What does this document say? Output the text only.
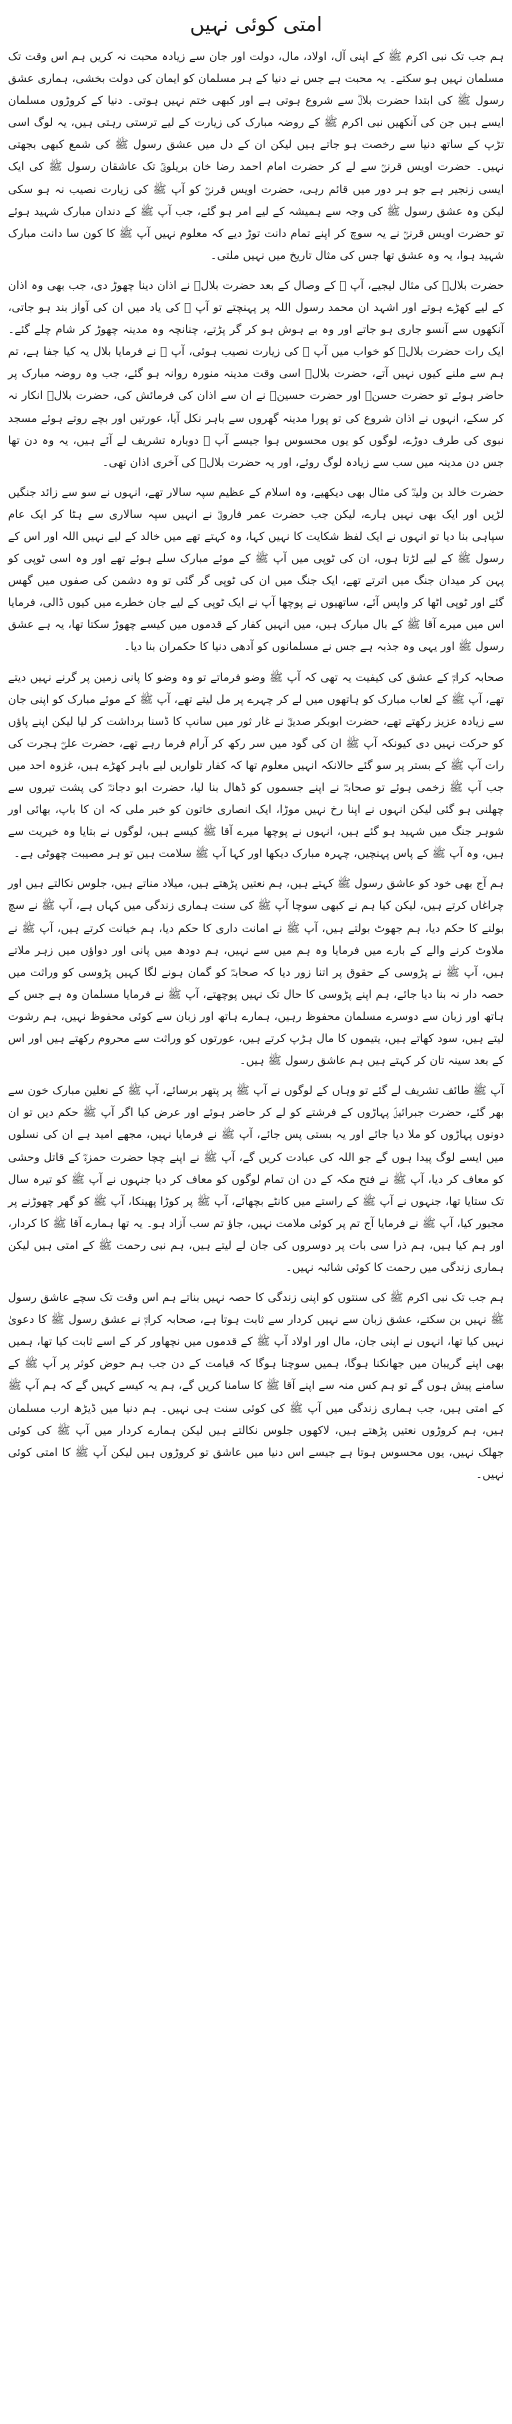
امتی کوئی نہیں

ہم جب تک نبی اکرم ﷺ کے اپنی آل، اولاد، مال، دولت اور جان سے زیادہ محبت نہ کریں ہم اس وقت تک مسلمان نہیں ہو سکتے۔ یہ محبت ہے جس نے دنیا کے ہر مسلمان کو ایمان کی دولت بخشی، ہماری عشق رسول ﷺ کی ابتدا حضرت بلالؓ سے شروع ہوتی ہے اور کبھی ختم نہیں ہوتی۔ دنیا کے کروڑوں مسلمان ایسے ہیں جن کی آنکھیں نبی اکرم ﷺ کے روضہ مبارک کی زیارت کے لیے ترستی رہتی ہیں، یہ لوگ اسی تڑپ کے ساتھ دنیا سے رخصت ہو جاتے ہیں لیکن ان کے دل میں عشق رسول ﷺ کی شمع کبھی بجھتی نہیں۔ حضرت اویس قرنیؒ سے لے کر حضرت امام احمد رضا خان بریلویؒ تک عاشقان رسول ﷺ کی ایک ایسی زنجیر ہے جو ہر دور میں قائم رہی، حضرت اویس قرنیؒ کو آپ ﷺ کی زیارت نصیب نہ ہو سکی لیکن وہ عشق رسول ﷺ کی وجہ سے ہمیشہ کے لیے امر ہو گئے، جب آپ ﷺ کے دندان مبارک شہید ہوئے تو حضرت اویس قرنیؒ نے یہ سوچ کر اپنے تمام دانت توڑ دیے کہ معلوم نہیں آپ ﷺ کا کون سا دانت مبارک شہید ہوا، یہ وہ عشق تھا جس کی مثال تاریخ میں نہیں ملتی۔

حضرت بلالؓ کی مثال لیجیے، آپ ﷺ کے وصال کے بعد حضرت بلالؓ نے اذان دینا چھوڑ دی، جب بھی وہ اذان کے لیے کھڑے ہوتے اور اشہد ان محمد رسول اللہ پر پہنچتے تو آپ ﷺ کی یاد میں ان کی آواز بند ہو جاتی، آنکھوں سے آنسو جاری ہو جاتے اور وہ بے ہوش ہو کر گر پڑتے، چنانچہ وہ مدینہ چھوڑ کر شام چلے گئے۔ ایک رات حضرت بلالؓ کو خواب میں آپ ﷺ کی زیارت نصیب ہوئی، آپ ﷺ نے فرمایا بلال یہ کیا جفا ہے، تم ہم سے ملنے کیوں نہیں آتے، حضرت بلالؓ اسی وقت مدینہ منورہ روانہ ہو گئے، جب وہ روضہ مبارک پر حاضر ہوئے تو حضرت حسنؓ اور حضرت حسینؓ نے ان سے اذان کی فرمائش کی، حضرت بلالؓ انکار نہ کر سکے، انہوں نے اذان شروع کی تو پورا مدینہ گھروں سے باہر نکل آیا، عورتیں اور بچے روتے ہوئے مسجد نبوی کی طرف دوڑے، لوگوں کو یوں محسوس ہوا جیسے آپ ﷺ دوبارہ تشریف لے آئے ہیں، یہ وہ دن تھا جس دن مدینہ میں سب سے زیادہ لوگ روئے، اور یہ حضرت بلالؓ کی آخری اذان تھی۔

حضرت خالد بن ولیدؓ کی مثال بھی دیکھیے، وہ اسلام کے عظیم سپہ سالار تھے، انہوں نے سو سے زائد جنگیں لڑیں اور ایک بھی نہیں ہارے، لیکن جب حضرت عمر فاروقؓ نے انہیں سپہ سالاری سے ہٹا کر ایک عام سپاہی بنا دیا تو انہوں نے ایک لفظ شکایت کا نہیں کہا، وہ کہتے تھے میں خالد کے لیے نہیں اللہ اور اس کے رسول ﷺ کے لیے لڑتا ہوں، ان کی ٹوپی میں آپ ﷺ کے موئے مبارک سلے ہوئے تھے اور وہ اسی ٹوپی کو پہن کر میدان جنگ میں اترتے تھے، ایک جنگ میں ان کی ٹوپی گر گئی تو وہ دشمن کی صفوں میں گھس گئے اور ٹوپی اٹھا کر واپس آئے، ساتھیوں نے پوچھا آپ نے ایک ٹوپی کے لیے جان خطرے میں کیوں ڈالی، فرمایا اس میں میرے آقا ﷺ کے بال مبارک ہیں، میں انہیں کفار کے قدموں میں کیسے چھوڑ سکتا تھا، یہ ہے عشق رسول ﷺ اور یہی وہ جذبہ ہے جس نے مسلمانوں کو آدھی دنیا کا حکمران بنا دیا۔

صحابہ کرامؓ کے عشق کی کیفیت یہ تھی کہ آپ ﷺ وضو فرماتے تو وہ وضو کا پانی زمین پر گرنے نہیں دیتے تھے، آپ ﷺ کے لعاب مبارک کو ہاتھوں میں لے کر چہرے پر مل لیتے تھے، آپ ﷺ کے موئے مبارک کو اپنی جان سے زیادہ عزیز رکھتے تھے، حضرت ابوبکر صدیقؓ نے غار ثور میں سانپ کا ڈسنا برداشت کر لیا لیکن اپنے پاؤں کو حرکت نہیں دی کیونکہ آپ ﷺ ان کی گود میں سر رکھ کر آرام فرما رہے تھے، حضرت علیؓ ہجرت کی رات آپ ﷺ کے بستر پر سو گئے حالانکہ انہیں معلوم تھا کہ کفار تلواریں لیے باہر کھڑے ہیں، غزوہ احد میں جب آپ ﷺ زخمی ہوئے تو صحابہؓ نے اپنے جسموں کو ڈھال بنا لیا، حضرت ابو دجانہؓ کی پشت تیروں سے چھلنی ہو گئی لیکن انہوں نے اپنا رخ نہیں موڑا، ایک انصاری خاتون کو خبر ملی کہ ان کا باپ، بھائی اور شوہر جنگ میں شہید ہو گئے ہیں، انہوں نے پوچھا میرے آقا ﷺ کیسے ہیں، لوگوں نے بتایا وہ خیریت سے ہیں، وہ آپ ﷺ کے پاس پہنچیں، چہرہ مبارک دیکھا اور کہا آپ ﷺ سلامت ہیں تو ہر مصیبت چھوٹی ہے۔

ہم آج بھی خود کو عاشق رسول ﷺ کہتے ہیں، ہم نعتیں پڑھتے ہیں، میلاد مناتے ہیں، جلوس نکالتے ہیں اور چراغاں کرتے ہیں، لیکن کیا ہم نے کبھی سوچا آپ ﷺ کی سنت ہماری زندگی میں کہاں ہے، آپ ﷺ نے سچ بولنے کا حکم دیا، ہم جھوٹ بولتے ہیں، آپ ﷺ نے امانت داری کا حکم دیا، ہم خیانت کرتے ہیں، آپ ﷺ نے ملاوٹ کرنے والے کے بارے میں فرمایا وہ ہم میں سے نہیں، ہم دودھ میں پانی اور دواؤں میں زہر ملاتے ہیں، آپ ﷺ نے پڑوسی کے حقوق پر اتنا زور دیا کہ صحابہؓ کو گمان ہونے لگا کہیں پڑوسی کو وراثت میں حصہ دار نہ بنا دیا جائے، ہم اپنے پڑوسی کا حال تک نہیں پوچھتے، آپ ﷺ نے فرمایا مسلمان وہ ہے جس کے ہاتھ اور زبان سے دوسرے مسلمان محفوظ رہیں، ہمارے ہاتھ اور زبان سے کوئی محفوظ نہیں، ہم رشوت لیتے ہیں، سود کھاتے ہیں، یتیموں کا مال ہڑپ کرتے ہیں، عورتوں کو وراثت سے محروم رکھتے ہیں اور اس کے بعد سینہ تان کر کہتے ہیں ہم عاشق رسول ﷺ ہیں۔

آپ ﷺ طائف تشریف لے گئے تو وہاں کے لوگوں نے آپ ﷺ پر پتھر برسائے، آپ ﷺ کے نعلین مبارک خون سے بھر گئے، حضرت جبرائیلؑ پہاڑوں کے فرشتے کو لے کر حاضر ہوئے اور عرض کیا اگر آپ ﷺ حکم دیں تو ان دونوں پہاڑوں کو ملا دیا جائے اور یہ بستی پس جائے، آپ ﷺ نے فرمایا نہیں، مجھے امید ہے ان کی نسلوں میں ایسے لوگ پیدا ہوں گے جو اللہ کی عبادت کریں گے، آپ ﷺ نے اپنے چچا حضرت حمزہؓ کے قاتل وحشی کو معاف کر دیا، آپ ﷺ نے فتح مکہ کے دن ان تمام لوگوں کو معاف کر دیا جنہوں نے آپ ﷺ کو تیرہ سال تک ستایا تھا، جنہوں نے آپ ﷺ کے راستے میں کانٹے بچھائے، آپ ﷺ پر کوڑا پھینکا، آپ ﷺ کو گھر چھوڑنے پر مجبور کیا، آپ ﷺ نے فرمایا آج تم پر کوئی ملامت نہیں، جاؤ تم سب آزاد ہو۔ یہ تھا ہمارے آقا ﷺ کا کردار، اور ہم کیا ہیں، ہم ذرا سی بات پر دوسروں کی جان لے لیتے ہیں، ہم نبی رحمت ﷺ کے امتی ہیں لیکن ہماری زندگی میں رحمت کا کوئی شائبہ نہیں۔

ہم جب تک نبی اکرم ﷺ کی سنتوں کو اپنی زندگی کا حصہ نہیں بناتے ہم اس وقت تک سچے عاشق رسول ﷺ نہیں بن سکتے، عشق زبان سے نہیں کردار سے ثابت ہوتا ہے، صحابہ کرامؓ نے عشق رسول ﷺ کا دعویٰ نہیں کیا تھا، انہوں نے اپنی جان، مال اور اولاد آپ ﷺ کے قدموں میں نچھاور کر کے اسے ثابت کیا تھا، ہمیں بھی اپنے گریبان میں جھانکنا ہوگا، ہمیں سوچنا ہوگا کہ قیامت کے دن جب ہم حوض کوثر پر آپ ﷺ کے سامنے پیش ہوں گے تو ہم کس منہ سے اپنے آقا ﷺ کا سامنا کریں گے، ہم یہ کیسے کہیں گے کہ ہم آپ ﷺ کے امتی ہیں، جب ہماری زندگی میں آپ ﷺ کی کوئی سنت ہی نہیں۔ ہم دنیا میں ڈیڑھ ارب مسلمان ہیں، ہم کروڑوں نعتیں پڑھتے ہیں، لاکھوں جلوس نکالتے ہیں لیکن ہمارے کردار میں آپ ﷺ کی کوئی جھلک نہیں، یوں محسوس ہوتا ہے جیسے اس دنیا میں عاشق تو کروڑوں ہیں لیکن آپ ﷺ کا امتی کوئی نہیں۔
